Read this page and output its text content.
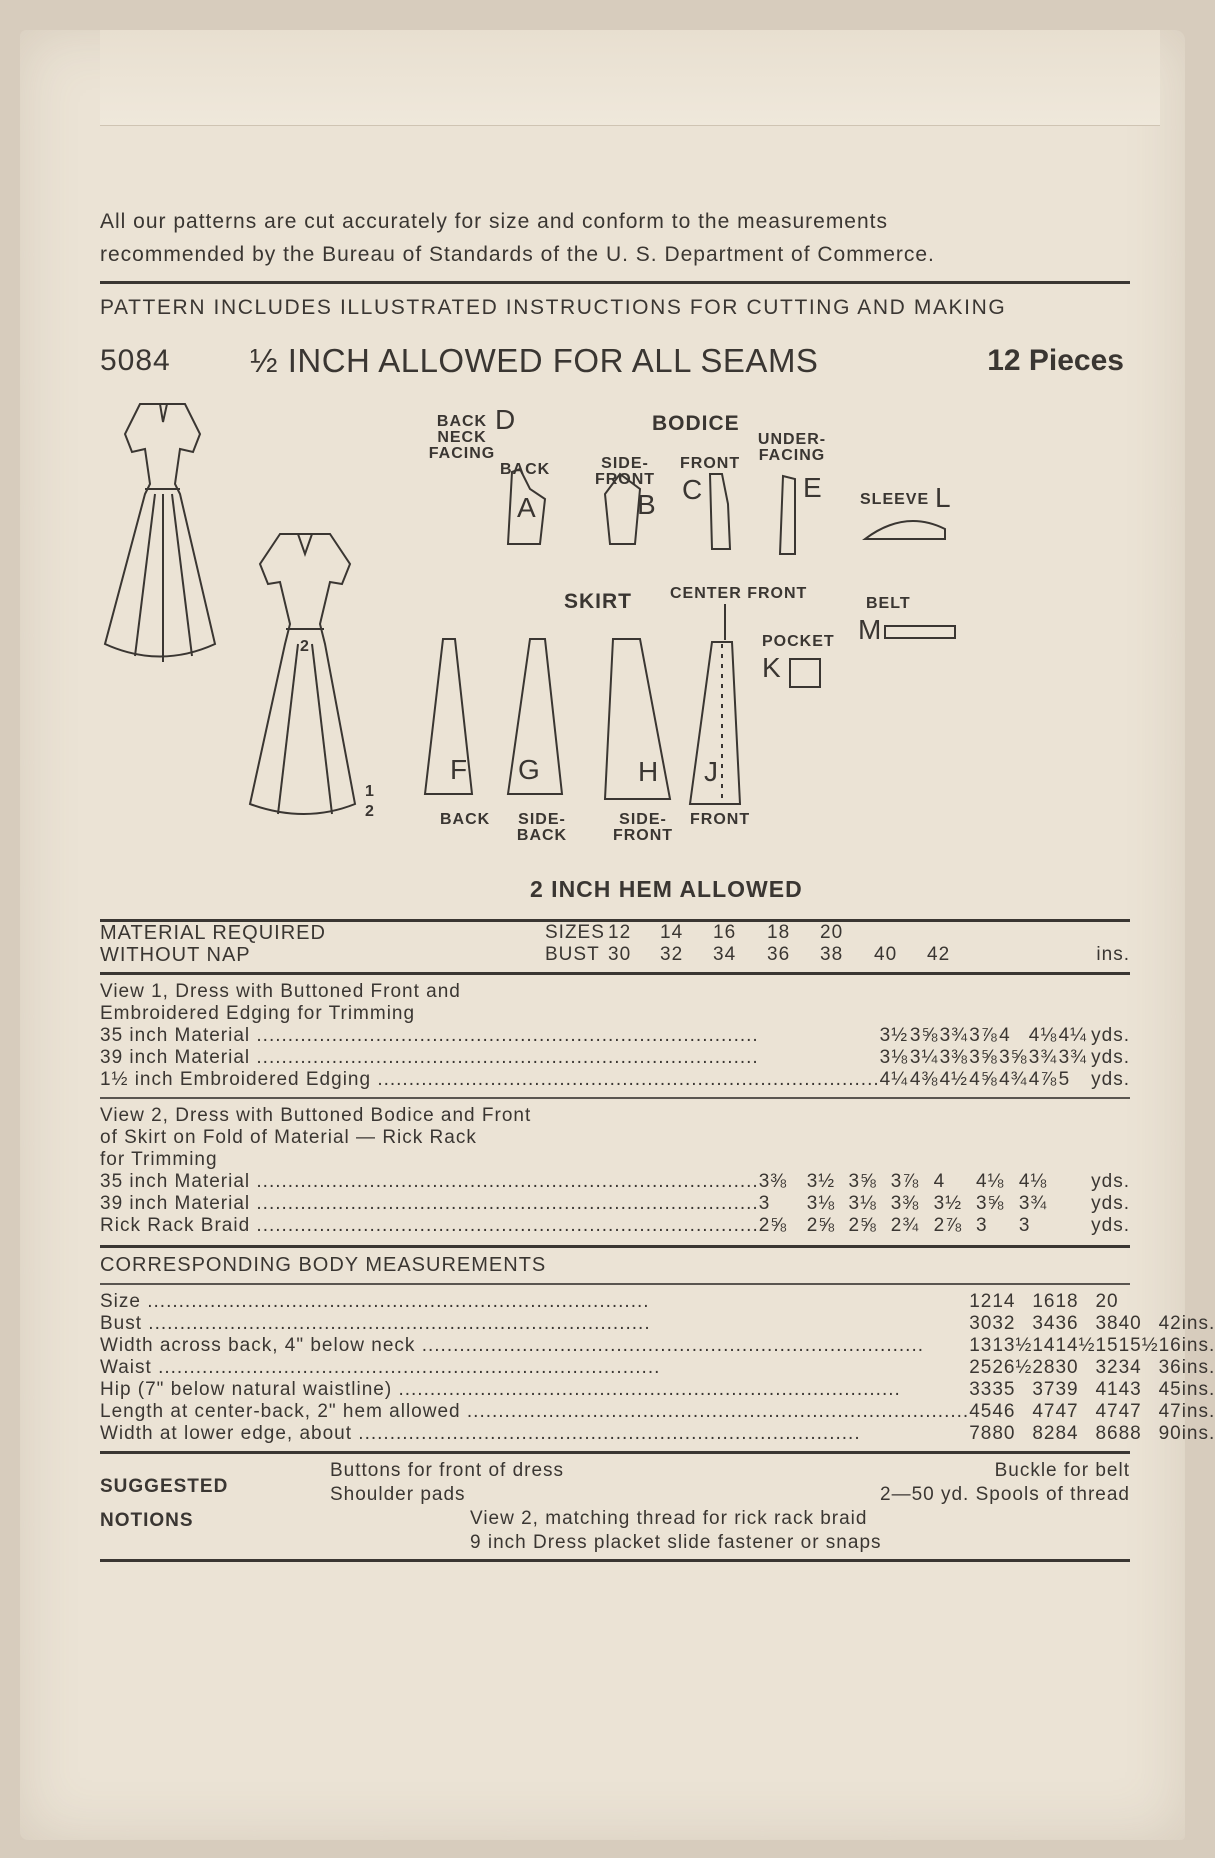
All our patterns are cut accurately for size and conform to the measurements
recommended by the Bureau of Standards of the U. S. Department of Commerce.
PATTERN INCLUDES ILLUSTRATED INSTRUCTIONS FOR CUTTING AND MAKING
5084 ½ INCH ALLOWED FOR ALL SEAMS	12 Pieces
2
1
2
BACK NECK FACING
D	BODICE
BACK
A
SIDE- FRONT
B
FRONT
C
UNDER- FACING
E SLEEVE L
CENTER FRONT
SKIRT	BELT
M
POCKET
K
F G	H J
BACK	SIDE- BACK
SIDE- FRONT
FRONT
2 INCH HEM ALLOWED
MATERIAL REQUIRED	SIZES	12	14	16	18	20			
WITHOUT NAP	BUST	30	32	34	36	38	40	42	ins.
View 1, Dress with Buttoned Front and
Embroidered Edging for Trimming
35 inch Material ................................................................................	3½	3⅝	3¾	3⅞	4	4⅛	4¼		yds.
39 inch Material ................................................................................	3⅛	3¼	3⅜	3⅝	3⅝	3¾	3¾		yds.
1½ inch Embroidered Edging ................................................................................	4¼	4⅜	4½	4⅝	4¾	4⅞	5		yds.
View 2, Dress with Buttoned Bodice and Front
of Skirt on Fold of Material — Rick Rack
for Trimming
35 inch Material ................................................................................	3⅜	3½	3⅝	3⅞	4	4⅛	4⅛		yds.
39 inch Material ................................................................................	3	3⅛	3⅛	3⅜	3½	3⅝	3¾		yds.
Rick Rack Braid ................................................................................	2⅝	2⅝	2⅝	2¾	2⅞	3	3		yds.
CORRESPONDING BODY MEASUREMENTS
Size ................................................................................	12	14	16	18	20				
Bust ................................................................................	30	32	34	36	38	40	42		ins.
Width across back, 4" below neck ................................................................................	13	13½	14	14½	15	15½	16		ins.
Waist ................................................................................	25	26½	28	30	32	34	36		ins.
Hip (7" below natural waistline) ................................................................................	33	35	37	39	41	43	45		ins.
Length at center-back, 2" hem allowed ................................................................................	45	46	47	47	47	47	47		ins.
Width at lower edge, about ................................................................................	78	80	82	84	86	88	90		ins.
SUGGESTED
NOTIONS
Buttons for front of dress
Shoulder pads
Buckle for belt
2—50 yd. Spools of thread
View 2, matching thread for rick rack braid
9 inch Dress placket slide fastener or snaps
